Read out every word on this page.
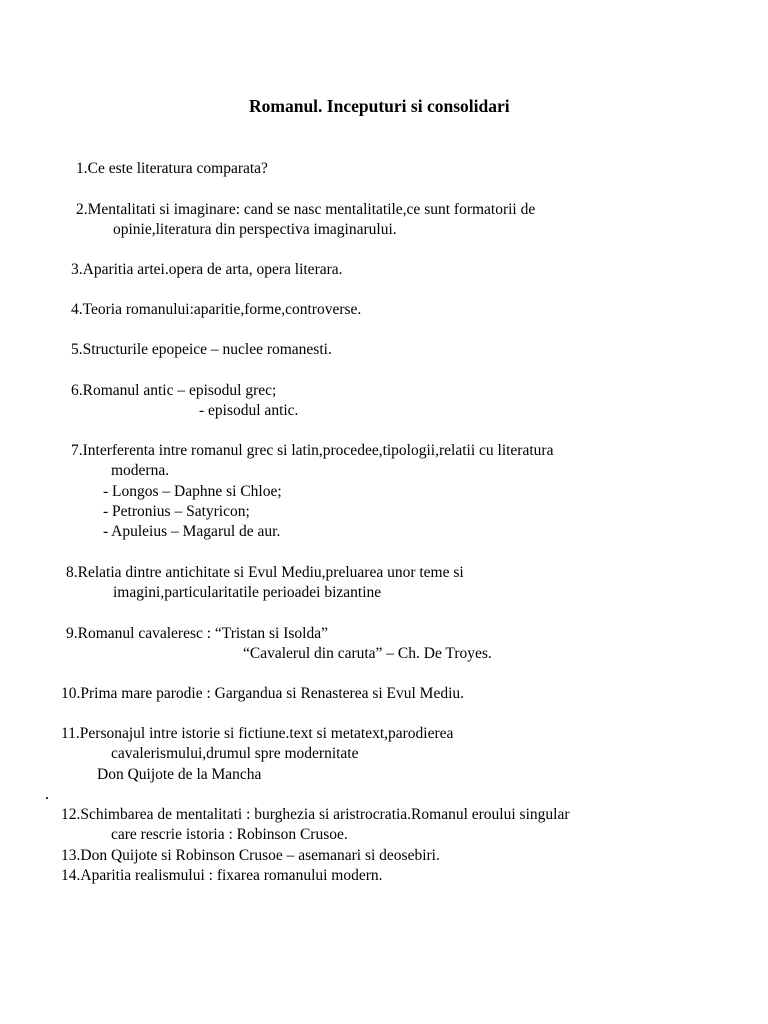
Romanul. Inceputuri si consolidari
1.Ce este literatura comparata?
2.Mentalitati si imaginare: cand se nasc mentalitatile,ce sunt formatorii de
opinie,literatura din perspectiva imaginarului.
3.Aparitia artei.opera de arta, opera literara.
4.Teoria romanului:aparitie,forme,controverse.
5.Structurile epopeice – nuclee romanesti.
6.Romanul antic – episodul grec;
- episodul antic.
7.Interferenta intre romanul grec si latin,procedee,tipologii,relatii cu literatura
moderna.
- Longos – Daphne si Chloe;
- Petronius – Satyricon;
- Apuleius – Magarul de aur.
8.Relatia dintre antichitate si Evul Mediu,preluarea unor teme si
imagini,particularitatile perioadei bizantine
9.Romanul cavaleresc : “Tristan si Isolda”
“Cavalerul din caruta” – Ch. De Troyes.
10.Prima mare parodie : Gargandua si Renasterea si Evul Mediu.
11.Personajul intre istorie si fictiune.text si metatext,parodierea
cavalerismului,drumul spre modernitate
Don Quijote de la Mancha
12.Schimbarea de mentalitati : burghezia si aristrocratia.Romanul eroului singular
care rescrie istoria : Robinson Crusoe.
13.Don Quijote si Robinson Crusoe – asemanari si deosebiri.
14.Aparitia realismului : fixarea romanului modern.
